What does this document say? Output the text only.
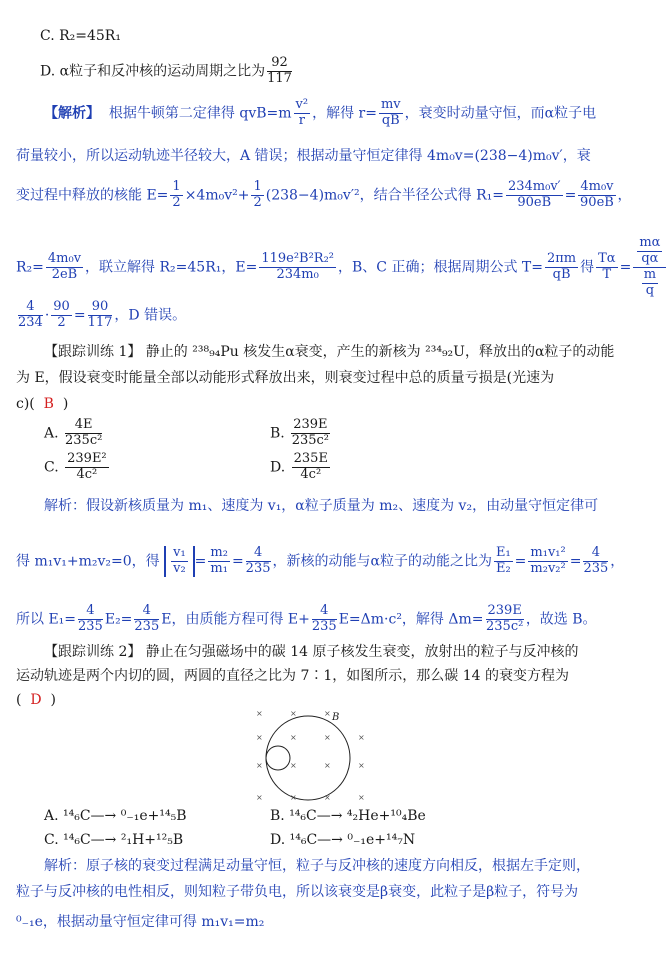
C. R₂=45R₁
D. α粒子和反冲核的运动周期之比为 $\frac{92}{117}$
【解析】 根据牛顿第二定律得 $qvB=m \frac{\text{v²}}{r}$ ，解得 $r= \frac{mv}{qB}$ ，衰变时动量守恒，而α粒子电
荷量较小，所以运动轨迹半径较大，A 错误；根据动量守恒定律得 4m₀v=(238−4)m₀v′，衰
变过程中释放的核能 $E= \frac{1}{2} \times 4m_0v^2+ \frac{1}{2} (238-4)m_0v'^2$，结合半径公式得 $R_1= \frac{\text{234m₀v′}}{90eB} = \frac{\text{4m₀v}}{90eB}$ ，
$R_2= \frac{\text{4m₀v}}{2eB}$ ，联立解得 R₂=45R₁，$E= \frac{\text{119e²B²R₂²}}{\text{234m₀}}$ ，B、C 正确；根据周期公式 $T= \frac{2\pi m}{qB}$ 得 $\frac{T\alpha}{T} = \frac{\frac{m\alpha}{q\alpha}}{\frac{m}{q}}$
$\frac{4}{234} \cdot \frac{90}{2} = \frac{90}{117}$ ，D 错误。
【跟踪训练 1】 静止的 ²³⁸₉₄Pu 核发生α衰变，产生的新核为 ²³⁴₉₂U，释放出的α粒子的动能
为 E，假设衰变时能量全部以动能形式释放出来，则衰变过程中总的质量亏损是(光速为
c)( B )
A. $\frac{4E}{\text{235c²}}$	B. $\frac{239E}{\text{235c²}}$
C. $\frac{\text{239E²}}{\text{4c²}}$	D. $\frac{235E}{\text{4c²}}$
解析：假设新核质量为 m₁、速度为 v₁，α粒子质量为 m₂、速度为 v₂，由动量守恒定律可
得 m₁v₁+m₂v₂=0，得 $\frac{\text{v₁}}{\text{v₂}} = \frac{\text{m₂}}{\text{m₁}} = \frac{4}{235}$ ，新核的动能与α粒子的动能之比为 $\frac{\text{E₁}}{\text{E₂}} = \frac{\text{m₁v₁²}}{\text{m₂v₂²}} = \frac{4}{235}$ ，
所以 $E_1= \frac{4}{235} E_2= \frac{4}{235}$ E，由质能方程可得 $E+ \frac{4}{235} E=\Delta m\cdot c^2$，解得 $\Delta m= \frac{239E}{\text{235c²}}$ ，故选 B。
【跟踪训练 2】 静止在匀强磁场中的碳 14 原子核发生衰变，放射出的粒子与反冲核的
运动轨迹是两个内切的圆，两圆的直径之比为 7∶1，如图所示，那么碳 14 的衰变方程为
( D )
×	×	×
×	×	×	×
×	×	×	×
×	×	×	×
B
A. ¹⁴₆C—→ ⁰₋₁e+¹⁴₅B	B. ¹⁴₆C—→ ⁴₂He+¹⁰₄Be
C. ¹⁴₆C—→ ²₁H+¹²₅B	D. ¹⁴₆C—→ ⁰₋₁e+¹⁴₇N
解析：原子核的衰变过程满足动量守恒，粒子与反冲核的速度方向相反，根据左手定则，
粒子与反冲核的电性相反，则知粒子带负电，所以该衰变是β衰变，此粒子是β粒子，符号为
⁰₋₁e，根据动量守恒定律可得 m₁v₁=m₂
